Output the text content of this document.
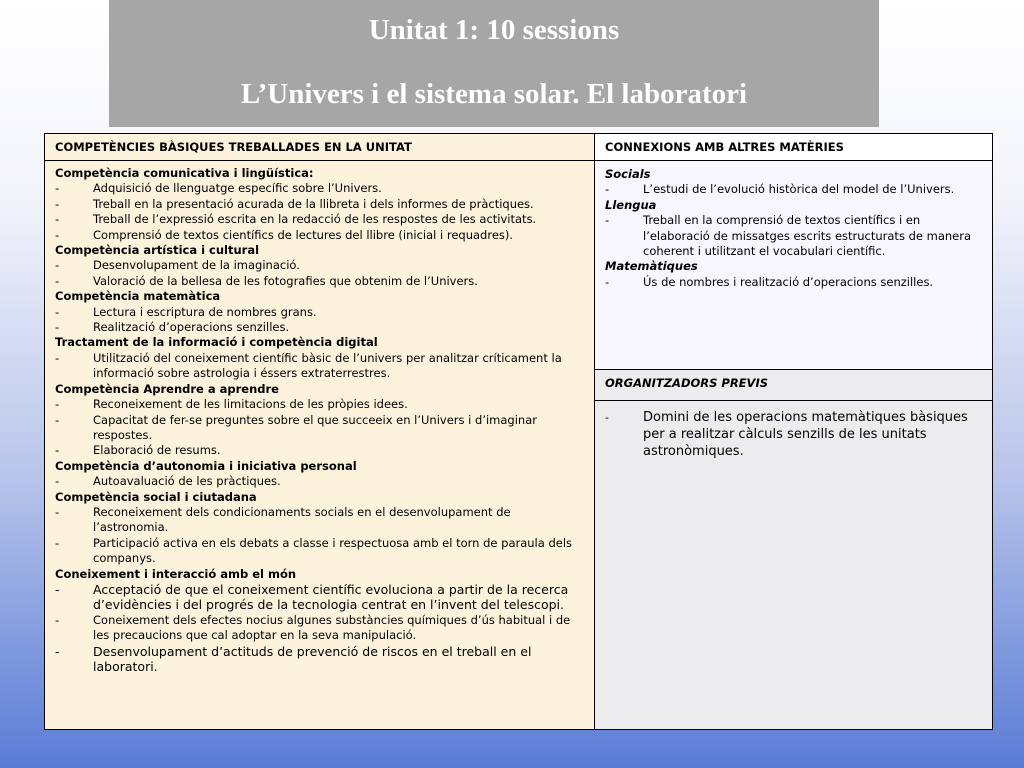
Unitat 1: 10 sessions
L’Univers i el sistema solar. El laboratori
COMPETÈNCIES BÀSIQUES TREBALLADES EN LA UNITAT
Competència comunicativa i lingüística:
-	Adquisició de llenguatge específic sobre l’Univers.
-	Treball en la presentació acurada de la llibreta i dels informes de pràctiques.
-	Treball de l’expressió escrita en la redacció de les respostes de les activitats.
-	Comprensió de textos científics de lectures del llibre (inicial i requadres).
Competència artística i cultural
-	Desenvolupament de la imaginació.
-	Valoració de la bellesa de les fotografies que obtenim de l’Univers.
Competència matemàtica
-	Lectura i escriptura de nombres grans.
-	Realització d’operacions senzilles.
Tractament de la informació i competència digital
-	Utilització del coneixement científic bàsic de l’univers per analitzar críticament la informació sobre astrologia i éssers extraterrestres.
Competència Aprendre a aprendre
-	Reconeixement de les limitacions de les pròpies idees.
-	Capacitat de fer-se preguntes sobre el que succeeix en l’Univers i d’imaginar respostes.
-	Elaboració de resums.
Competència d’autonomia i iniciativa personal
-	Autoavaluació de les pràctiques.
Competència social i ciutadana
-	Reconeixement dels condicionaments socials en el desenvolupament de l’astronomia.
-	Participació activa en els debats a classe i respectuosa amb el torn de paraula dels companys.
Coneixement i interacció amb el món
-	Acceptació de que el coneixement científic evoluciona a partir de la recerca d’evidències i del progrés de la tecnologia centrat en l’invent del telescopi.
-	Coneixement dels efectes nocius algunes substàncies químiques d’ús habitual i de les precaucions que cal adoptar en la seva manipulació.
-	Desenvolupament d’actituds de prevenció de riscos en el treball en el laboratori.
CONNEXIONS AMB ALTRES MATÈRIES
Socials
-	L’estudi de l’evolució històrica del model de l’Univers.
Llengua
-	Treball en la comprensió de textos científics i en l’elaboració de missatges escrits estructurats de manera coherent i utilitzant el vocabulari científic.
Matemàtiques
-	Ús de nombres i realització d’operacions senzilles.
ORGANITZADORS PREVIS
-	Domini de les operacions matemàtiques bàsiques per a realitzar càlculs senzills de les unitats astronòmiques.
